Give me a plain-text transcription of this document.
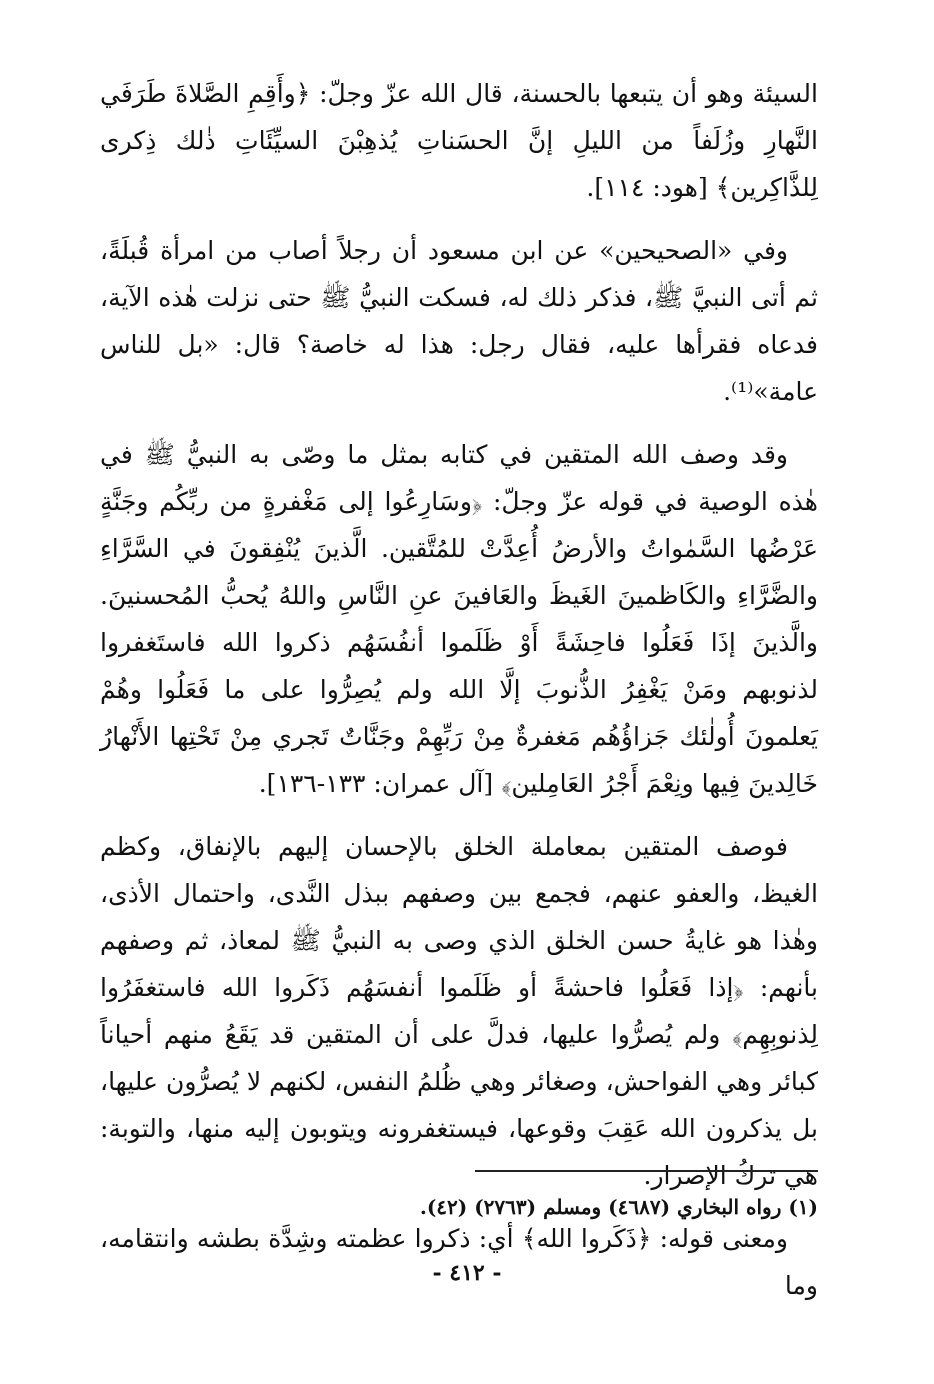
السيئة وهو أن يتبعها بالحسنة، قال الله عزّ وجلّ: ﴿وأَقِمِ الصَّلاةَ طَرَفَي النَّهارِ وزُلَفاً من الليلِ إنَّ الحسَناتِ يُذهِبْنَ السيِّئَاتِ ذٰلك ذِكرى لِلذَّاكِرين﴾ [هود: ١١٤].

وفي «الصحيحين» عن ابن مسعود أن رجلاً أصاب من امرأة قُبلَةً، ثم أتى النبيَّ ﷺ، فذكر ذلك له، فسكت النبيُّ ﷺ حتى نزلت هٰذه الآية، فدعاه فقرأها عليه، فقال رجل: هذا له خاصة؟ قال: «بل للناس عامة»⁽¹⁾.

وقد وصف الله المتقين في كتابه بمثل ما وصّى به النبيُّ ﷺ في هٰذه الوصية في قوله عزّ وجلّ: ﴿وسَارِعُوا إلى مَغْفرةٍ من ربِّكُم وجَنَّةٍ عَرْضُها السَّمٰواتُ والأرضُ أُعِدَّتْ للمُتَّقين. الَّذينَ يُنْفِقونَ في السَّرَّاءِ والضَّرَّاءِ والكَاظمينَ الغَيظَ والعَافينَ عنِ النَّاسِ واللهُ يُحبُّ المُحسنينَ. والَّذينَ إذَا فَعَلُوا فاحِشَةً أَوْ ظَلَموا أنفُسَهُم ذكروا الله فاستَغفروا لذنوبهم ومَنْ يَغْفِرُ الذُّنوبَ إلَّا الله ولم يُصِرُّوا على ما فَعَلُوا وهُمْ يَعلمونَ أُولٰئك جَزاؤُهُم مَغفرةٌ مِنْ رَبِّهِمْ وجَنَّاتٌ تَجري مِنْ تَحْتِها الأَنْهارُ خَالِدينَ فِيها ونِعْمَ أَجْرُ العَامِلين﴾ [آل عمران: ١٣٣-١٣٦].

فوصف المتقين بمعاملة الخلق بالإحسان إليهم بالإنفاق، وكظم الغيظ، والعفو عنهم، فجمع بين وصفهم ببذل النَّدى، واحتمال الأذى، وهٰذا هو غايةُ حسن الخلق الذي وصى به النبيُّ ﷺ لمعاذ، ثم وصفهم بأنهم: ﴿إذا فَعَلُوا فاحشةً أو ظَلَموا أنفسَهُم ذَكَروا الله فاستغفَرُوا لِذنوبِهِم﴾ ولم يُصرُّوا عليها، فدلَّ على أن المتقين قد يَقَعُ منهم أحياناً كبائر وهي الفواحش، وصغائر وهي ظُلمُ النفس، لكنهم لا يُصرُّون عليها، بل يذكرون الله عَقِبَ وقوعها، فيستغفرونه ويتوبون إليه منها، والتوبة: هي تركُ الإصرار.

ومعنى قوله: ﴿ذَكَروا الله﴾ أي: ذكروا عظمته وشِدَّة بطشه وانتقامه، وما

(١) رواه البخاري (٤٦٨٧) ومسلم (٢٧٦٣) (٤٢).
- ٤١٢ -
